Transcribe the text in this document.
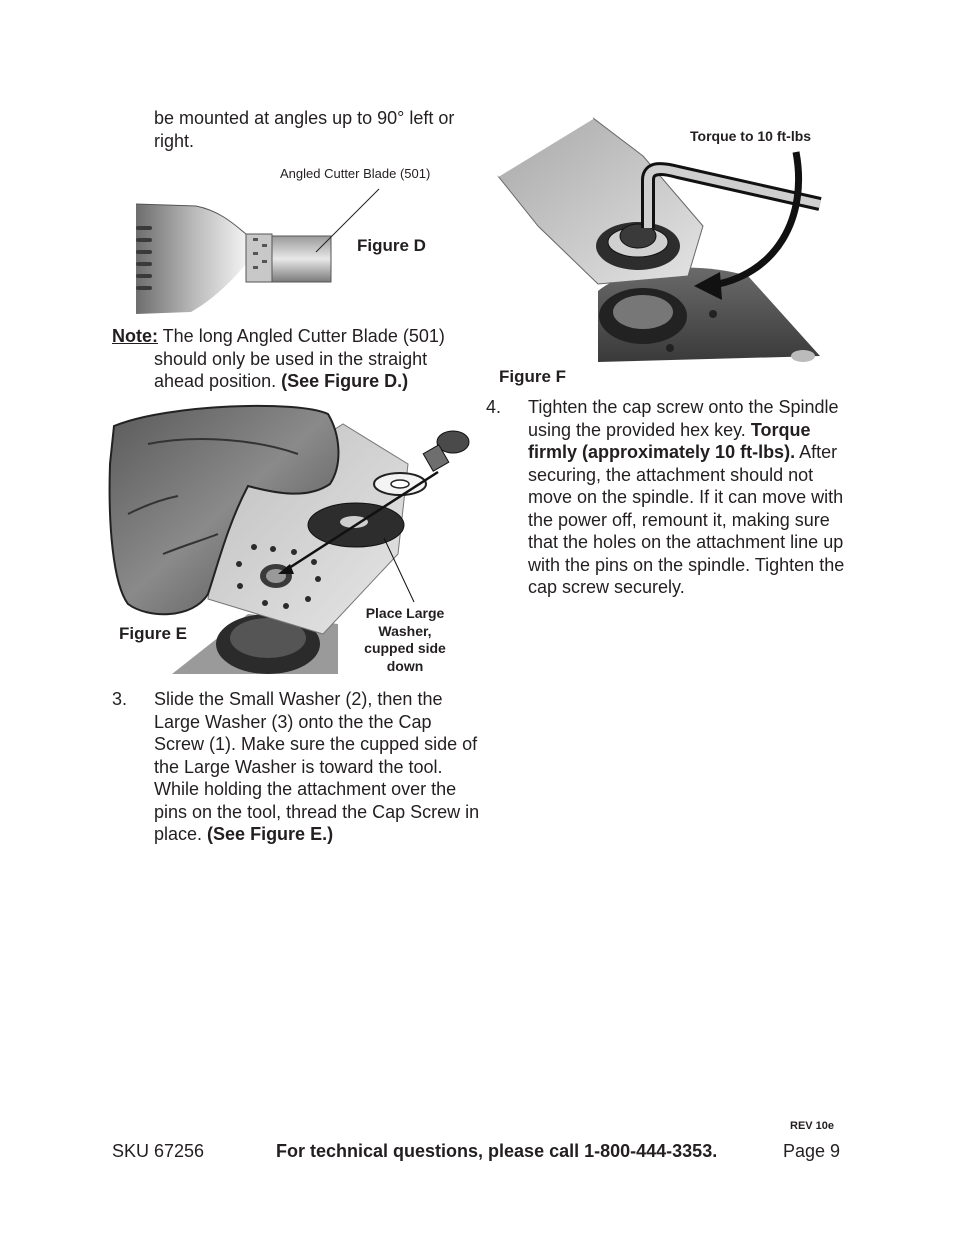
be mounted at angles up to 90° left or right.
Angled Cutter Blade (501)
Figure D
Note: The long Angled Cutter Blade (501) should only be used in the straight ahead position. (See Figure D.)
Figure E
Place Large
Washer,
cupped side
down
3. Slide the Small Washer (2), then the Large Washer (3) onto the the Cap Screw (1). Make sure the cupped side of the Large Washer is toward the tool. While holding the attachment over the pins on the tool, thread the Cap Screw in place. (See Figure E.)
Torque to 10 ft-lbs
Figure F
4. Tighten the cap screw onto the Spindle using the provided hex key. Torque firmly (approximately 10 ft-lbs). After securing, the attachment should not move on the spindle. If it can move with the power off, remount it, making sure that the holes on the attachment line up with the pins on the spindle. Tighten the cap screw securely.
REV 10e
SKU 67256	For technical questions, please call 1-800-444-3353.	Page 9
